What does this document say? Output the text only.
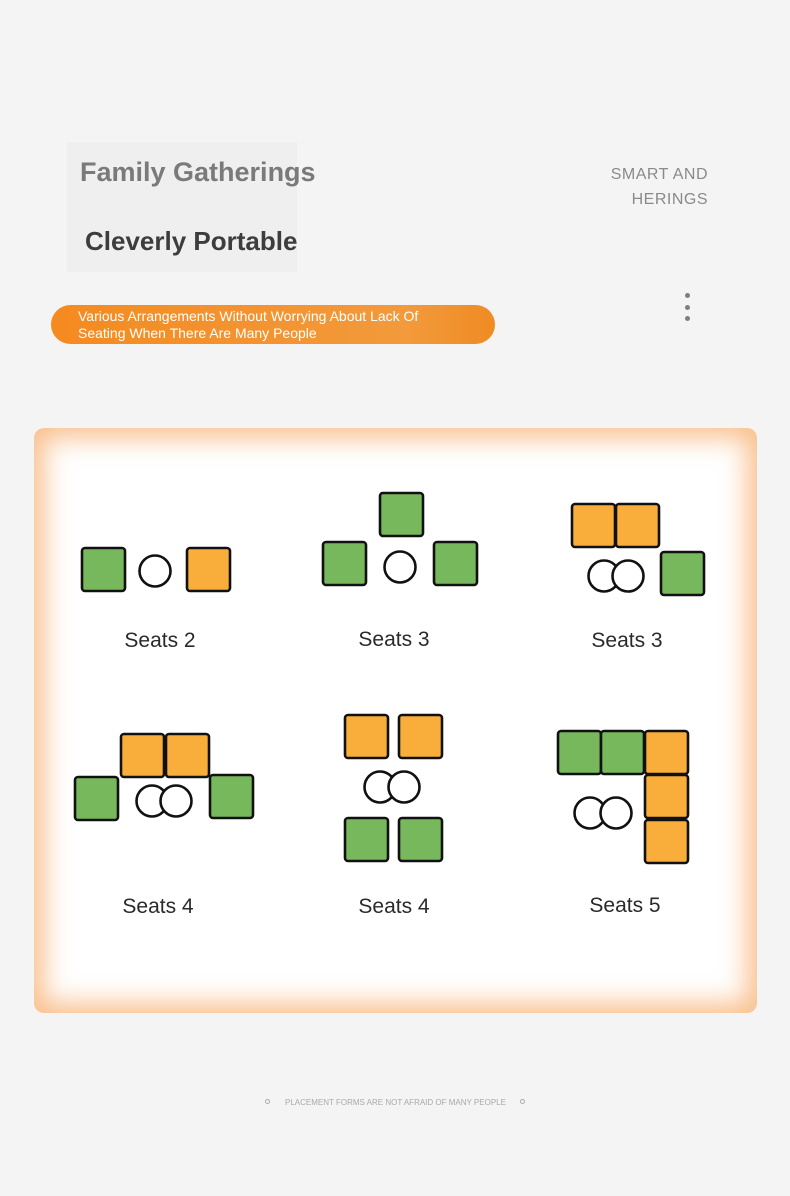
Family Gatherings
Cleverly Portable
SMART AND
HERINGS
Various Arrangements Without Worrying About Lack Of
Seating When There Are Many People
Seats 2	Seats 3	Seats 3
Seats 4	Seats 4	Seats 5
PLACEMENT FORMS ARE NOT AFRAID OF MANY PEOPLE
